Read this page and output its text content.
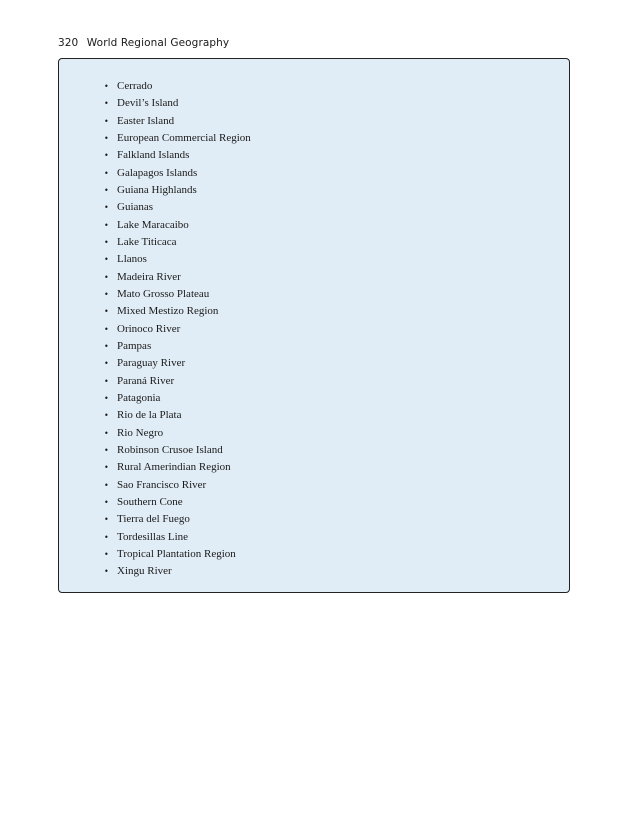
320 World Regional Geography
• Cerrado
• Devil’s Island
• Easter Island
• European Commercial Region
• Falkland Islands
• Galapagos Islands
• Guiana Highlands
• Guianas
• Lake Maracaibo
• Lake Titicaca
• Llanos
• Madeira River
• Mato Grosso Plateau
• Mixed Mestizo Region
• Orinoco River
• Pampas
• Paraguay River
• Paraná River
• Patagonia
• Rio de la Plata
• Rio Negro
• Robinson Crusoe Island
• Rural Amerindian Region
• Sao Francisco River
• Southern Cone
• Tierra del Fuego
• Tordesillas Line
• Tropical Plantation Region
• Xingu River
